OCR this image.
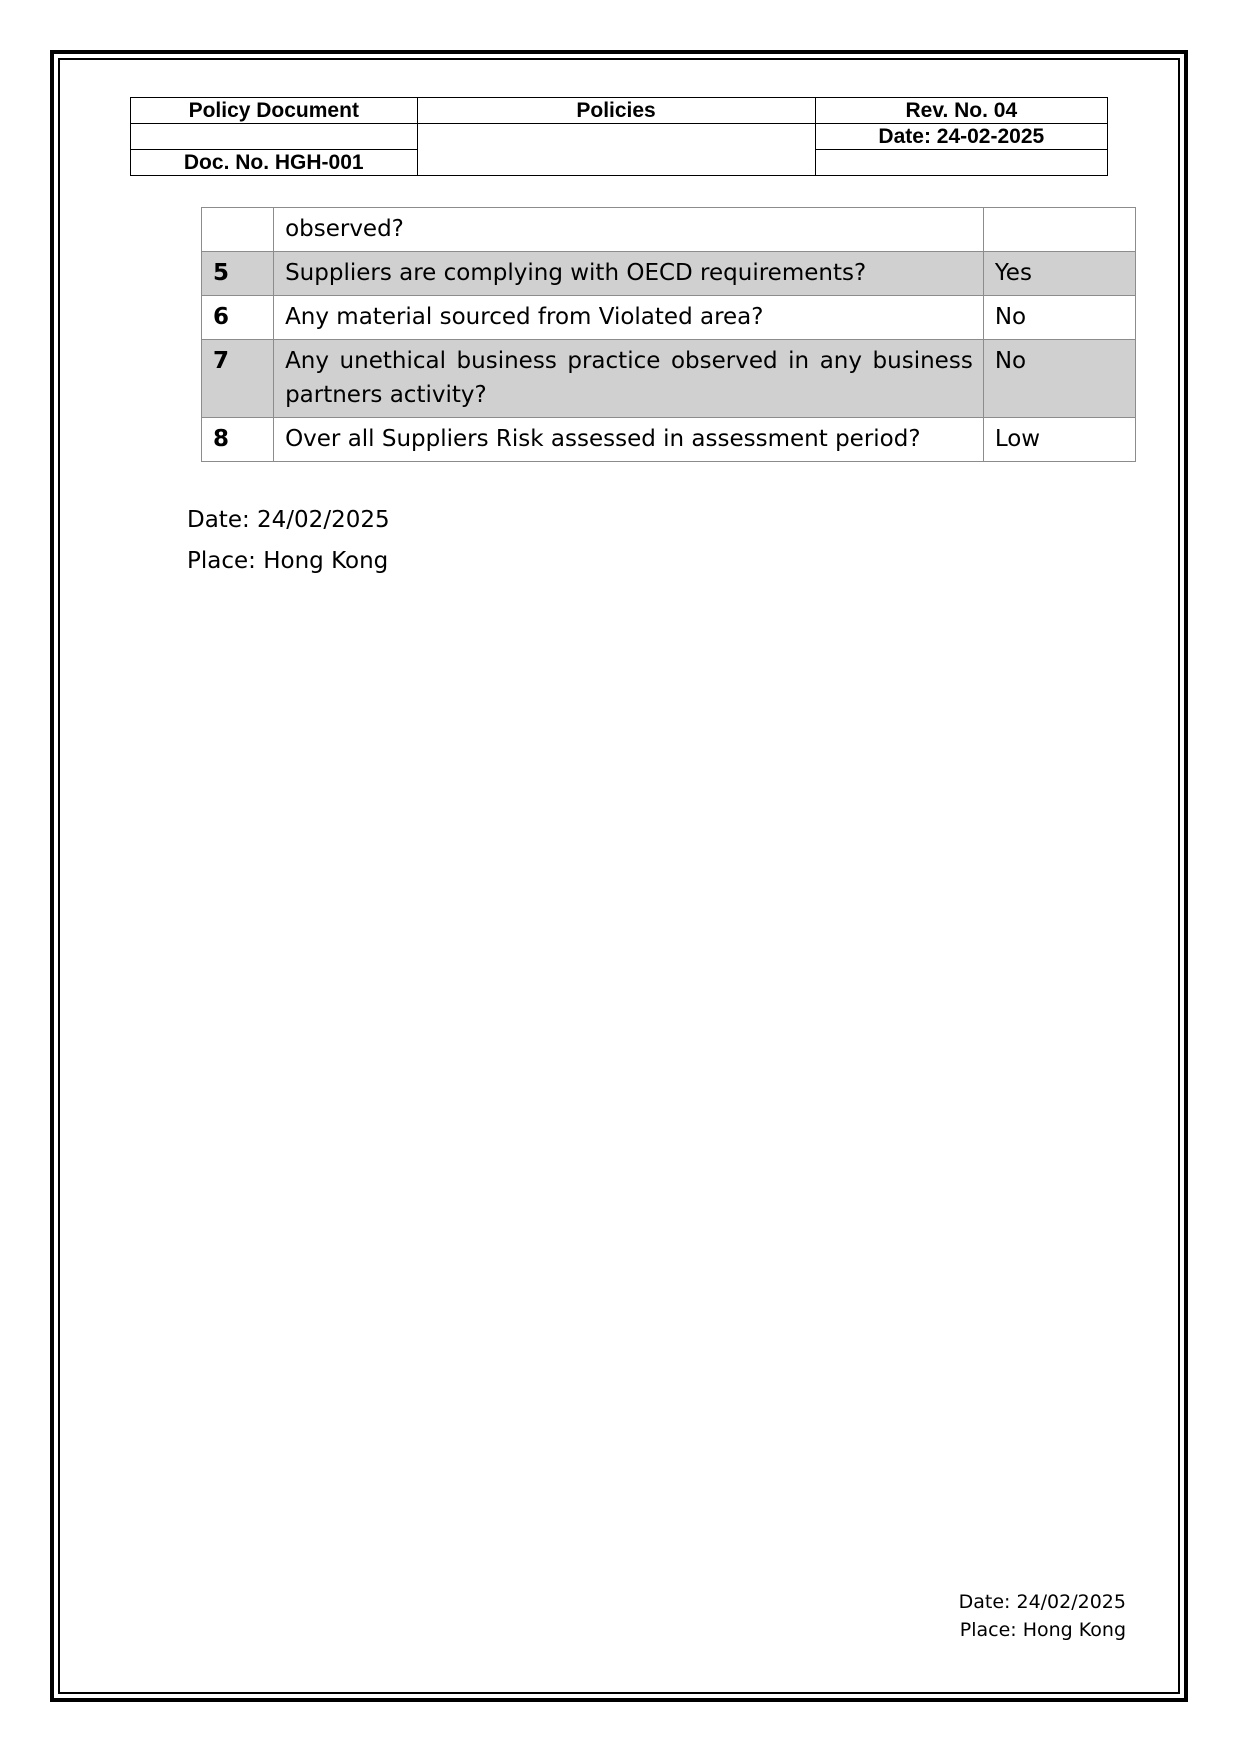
Policy Document	Policies	Rev. No. 04
		Date: 24-02-2025
Doc. No. HGH-001		
	observed?	
5	Suppliers are complying with OECD requirements?	Yes
6	Any material sourced from Violated area?	No
7	Any unethical business practice observed in any business partners activity?	No
8	Over all Suppliers Risk assessed in assessment period?	Low
Date: 24/02/2025
Place: Hong Kong
Date: 24/02/2025
Place: Hong Kong
